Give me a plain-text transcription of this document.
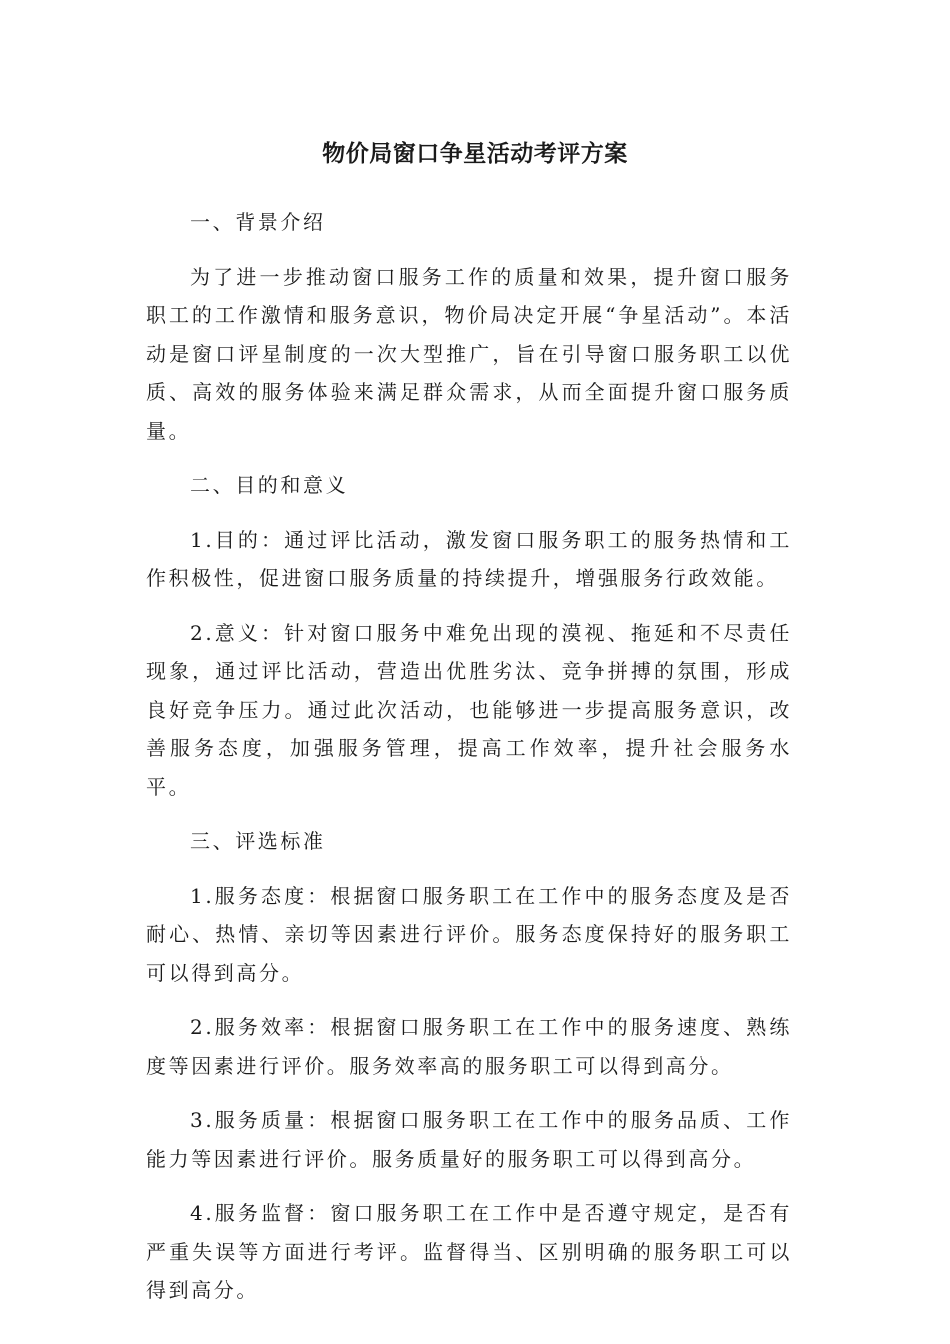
物价局窗口争星活动考评方案

一、背景介绍

为了进一步推动窗口服务工作的质量和效果，提升窗口服务职工的工作激情和服务意识，物价局决定开展“争星活动”。本活动是窗口评星制度的一次大型推广，旨在引导窗口服务职工以优质、高效的服务体验来满足群众需求，从而全面提升窗口服务质量。

二、目的和意义

1.目的：通过评比活动，激发窗口服务职工的服务热情和工作积极性，促进窗口服务质量的持续提升，增强服务行政效能。

2.意义：针对窗口服务中难免出现的漠视、拖延和不尽责任现象，通过评比活动，营造出优胜劣汰、竞争拼搏的氛围，形成良好竞争压力。通过此次活动，也能够进一步提高服务意识，改善服务态度，加强服务管理，提高工作效率，提升社会服务水平。

三、评选标准

1.服务态度：根据窗口服务职工在工作中的服务态度及是否耐心、热情、亲切等因素进行评价。服务态度保持好的服务职工可以得到高分。

2.服务效率：根据窗口服务职工在工作中的服务速度、熟练度等因素进行评价。服务效率高的服务职工可以得到高分。

3.服务质量：根据窗口服务职工在工作中的服务品质、工作能力等因素进行评价。服务质量好的服务职工可以得到高分。

4.服务监督：窗口服务职工在工作中是否遵守规定，是否有严重失误等方面进行考评。监督得当、区别明确的服务职工可以得到高分。
